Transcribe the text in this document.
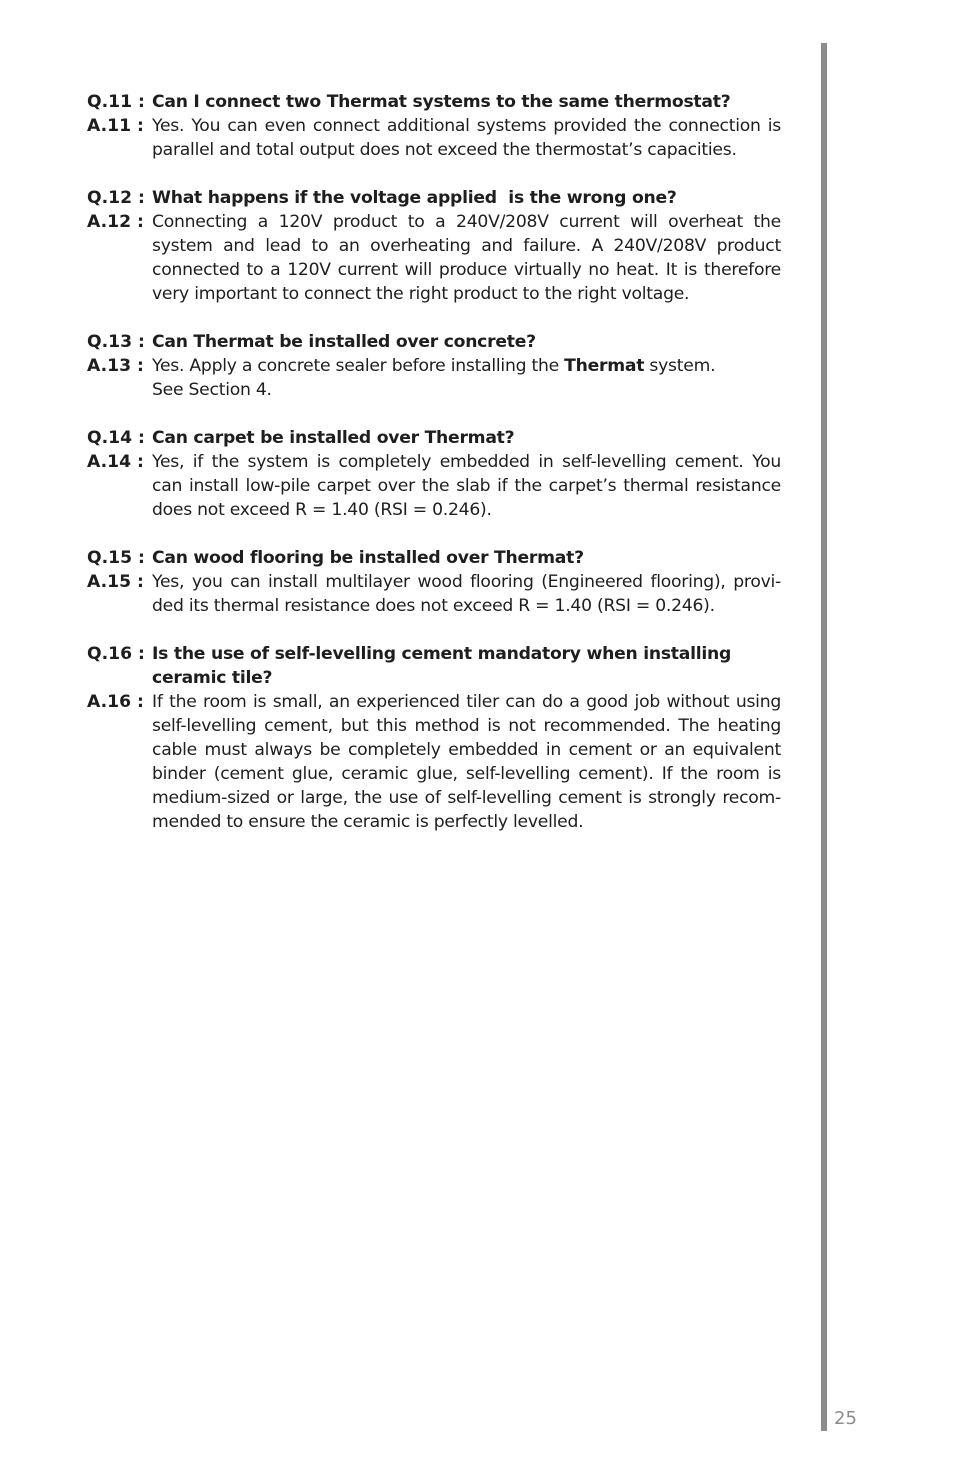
Q.11 : Can I connect two Thermat systems to the same thermostat?
A.11 : Yes. You can even connect additional systems provided the connection is
parallel and total output does not exceed the thermostat’s capacities.
Q.12 : What happens if the voltage applied  is the wrong one?
A.12 : Connecting a 120V product to a 240V/208V current will overheat the
system and lead to an overheating and failure. A 240V/208V product
connected to a 120V current will produce virtually no heat. It is therefore
very important to connect the right product to the right voltage.
Q.13 : Can Thermat be installed over concrete?
A.13 : Yes. Apply a concrete sealer before installing the Thermat system.
See Section 4.
Q.14 : Can carpet be installed over Thermat?
A.14 : Yes, if the system is completely embedded in self-levelling cement. You
can install low-pile carpet over the slab if the carpet’s thermal resistance
does not exceed R = 1.40 (RSI = 0.246).
Q.15 : Can wood flooring be installed over Thermat?
A.15 : Yes, you can install multilayer wood flooring (Engineered flooring), provi-
ded its thermal resistance does not exceed R = 1.40 (RSI = 0.246).
Q.16 : Is the use of self-levelling cement mandatory when installing
ceramic tile?
A.16 : If the room is small, an experienced tiler can do a good job without using
self-levelling cement, but this method is not recommended. The heating
cable must always be completely embedded in cement or an equivalent
binder (cement glue, ceramic glue, self-levelling cement). If the room is
medium-sized or large, the use of self-levelling cement is strongly recom-
mended to ensure the ceramic is perfectly levelled.
25
